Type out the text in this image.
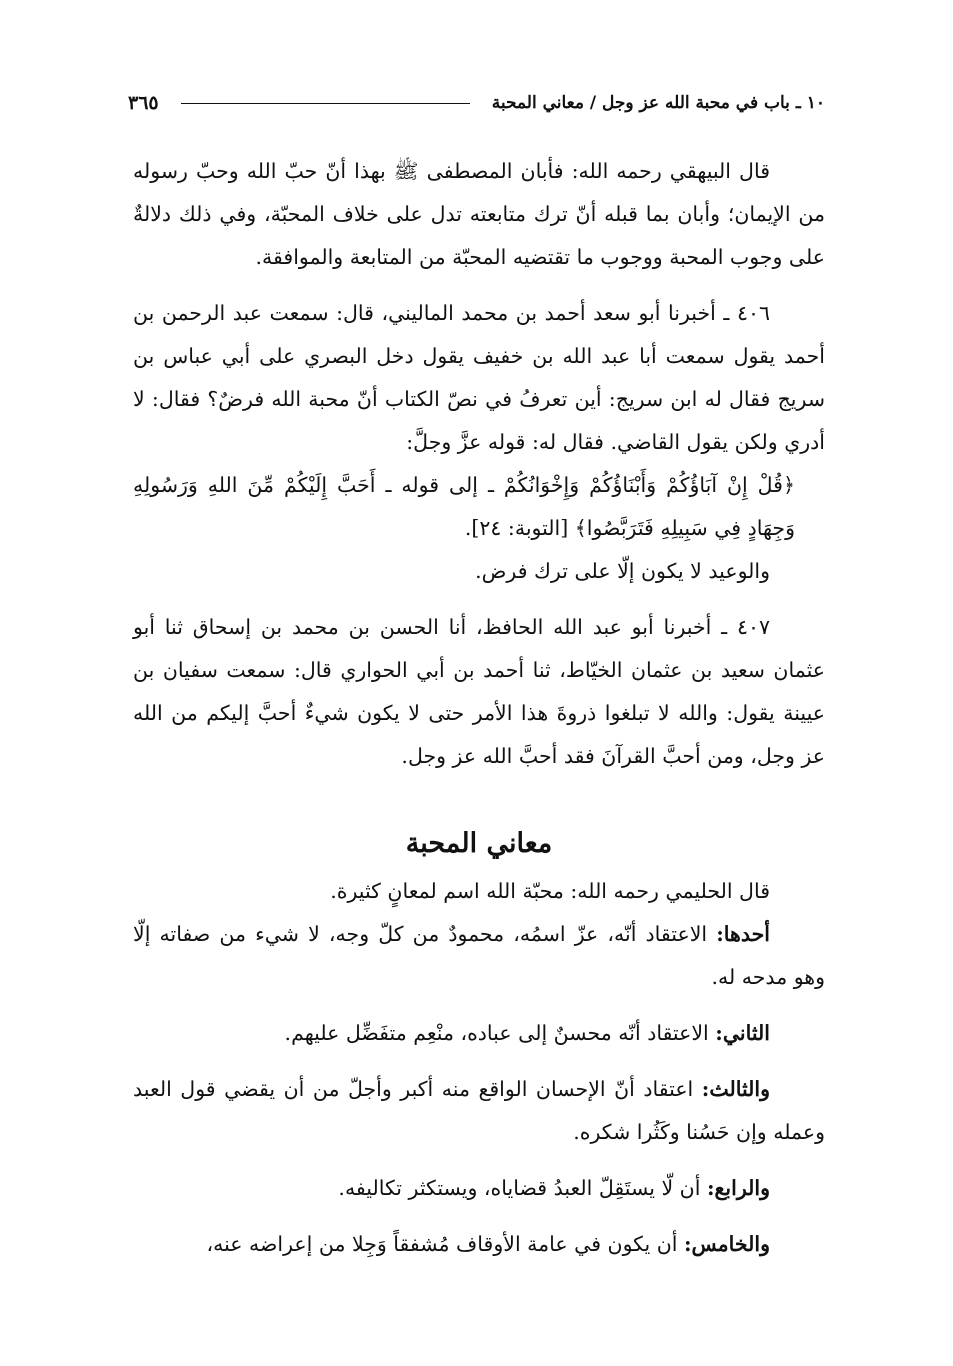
١٠ ـ باب في محبة الله عز وجل / معاني المحبة
٣٦٥

قال البيهقي رحمه الله: فأبان المصطفى ﷺ بهذا أنّ حبّ الله وحبّ رسوله من الإيمان؛ وأبان بما قبله أنّ ترك متابعته تدل على خلاف المحبّة، وفي ذلك دلالةٌ على وجوب المحبة ووجوب ما تقتضيه المحبّة من المتابعة والموافقة.

٤٠٦ ـ أخبرنا أبو سعد أحمد بن محمد الماليني، قال: سمعت عبد الرحمن بن أحمد يقول سمعت أبا عبد الله بن خفيف يقول دخل البصري على أبي عباس بن سريج فقال له ابن سريج: أين تعرفُ في نصّ الكتاب أنّ محبة الله فرضٌ؟ فقال: لا أدري ولكن يقول القاضي. فقال له: قوله عزَّ وجلَّ:

﴿قُلْ إِنْ آبَاؤُكُمْ وَأَبْنَاؤُكُمْ وَإِخْوَانُكُمْ ـ إلى قوله ـ أَحَبَّ إِلَيْكُمْ مِّنَ اللهِ وَرَسُولِهِ وَجِهَادٍ فِي سَبِيلِهِ فَتَرَبَّصُوا﴾ [التوبة: ٢٤].

والوعيد لا يكون إلّا على ترك فرض.

٤٠٧ ـ أخبرنا أبو عبد الله الحافظ، أنا الحسن بن محمد بن إسحاق ثنا أبو عثمان سعيد بن عثمان الخيّاط، ثنا أحمد بن أبي الحواري قال: سمعت سفيان بن عيينة يقول: والله لا تبلغوا ذروةَ هذا الأمر حتى لا يكون شيءٌ أحبَّ إليكم من الله عز وجل، ومن أحبَّ القرآنَ فقد أحبَّ الله عز وجل.

معاني المحبة

قال الحليمي رحمه الله: محبّة الله اسم لمعانٍ كثيرة.

أحدها: الاعتقاد أنّه، عزّ اسمُه، محمودٌ من كلّ وجه، لا شيء من صفاته إلّا وهو مدحه له.

الثاني: الاعتقاد أنّه محسنٌ إلى عباده، منْعِم متفَضِّل عليهم.

والثالث: اعتقاد أنّ الإحسان الواقع منه أكبر وأجلّ من أن يقضي قول العبد وعمله وإن حَسُنا وكَثُرا شكره.

والرابع: أن لّا يستَقِلّ العبدُ قضاياه، ويستكثر تكاليفه.

والخامس: أن يكون في عامة الأوقاف مُشفقاً وَجِلا من إعراضه عنه،
